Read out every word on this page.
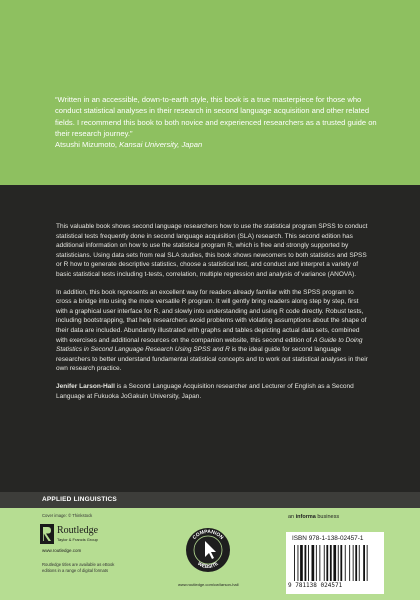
“Written in an accessible, down-to-earth style, this book is a true masterpiece for those who conduct statistical analyses in their research in second language acquisition and other related fields. I recommend this book to both novice and experienced researchers as a trusted guide on their research journey.”
Atsushi Mizumoto, Kansai University, Japan

This valuable book shows second language researchers how to use the statistical program SPSS to conduct statistical tests frequently done in second language acquisition (SLA) research. This second edition has additional information on how to use the statistical program R, which is free and strongly supported by statisticians. Using data sets from real SLA studies, this book shows newcomers to both statistics and SPSS or R how to generate descriptive statistics, choose a statistical test, and conduct and interpret a variety of basic statistical tests including t-tests, correlation, multiple regression and analysis of variance (ANOVA).

In addition, this book represents an excellent way for readers already familiar with the SPSS program to cross a bridge into using the more versatile R program. It will gently bring readers along step by step, first with a graphical user interface for R, and slowly into understanding and using R code directly. Robust tests, including bootstrapping, that help researchers avoid problems with violating assumptions about the shape of their data are included. Abundantly illustrated with graphs and tables depicting actual data sets, combined with exercises and additional resources on the companion website, this second edition of A Guide to Doing Statistics in Second Language Research Using SPSS and R is the ideal guide for second language researchers to better understand fundamental statistical concepts and to work out statistical analyses in their own research practice.

Jenifer Larson-Hall is a Second Language Acquisition researcher and Lecturer of English as a Second Language at Fukuoka JoGakuin University, Japan.

APPLIED LINGUISTICS
Cover image: © Thinkstock
Routledge
Taylor & Francis Group
www.routledge.com
Routledge titles are available as eBook editions in a range of digital formats
COMPANION
WEBSITE
www.routledge.com/cw/larson-hall
an informa business
ISBN 978-1-138-02457-1
9 781138 024571
